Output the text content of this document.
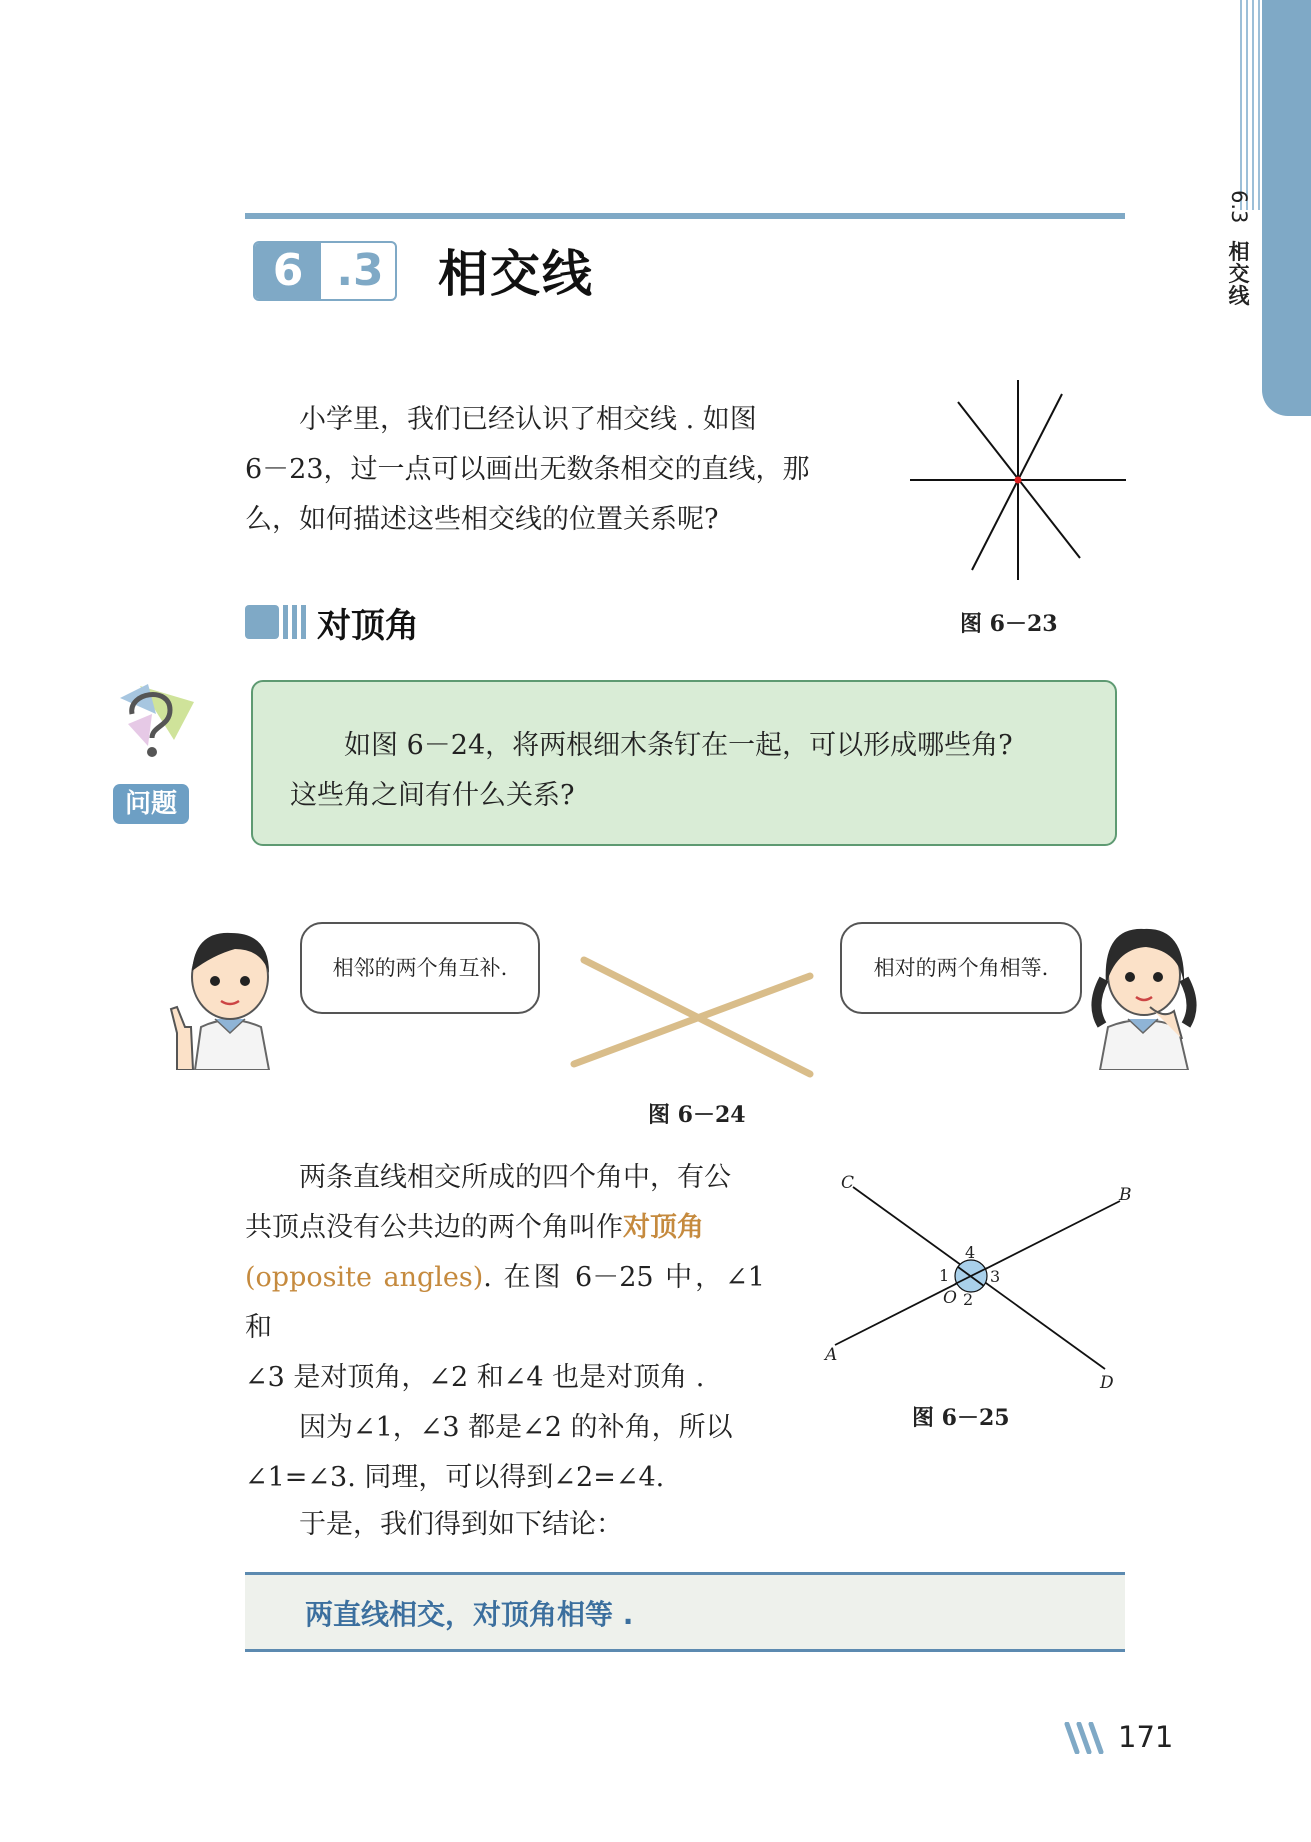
6.3
相
交
线
6 .3 相交线
小学里，我们已经认识了相交线 . 如图
6－23，过一点可以画出无数条相交的直线，那
么，如何描述这些相交线的位置关系呢?
图 6－23
对顶角
问题
如图 6－24，将两根细木条钉在一起，可以形成哪些角?
这些角之间有什么关系?
相邻的两个角互补.	相对的两个角相等.
图 6－24
两条直线相交所成的四个角中，有公
共顶点没有公共边的两个角叫作对顶角
(opposite angles). 在图 6－25 中，∠1 和
∠3 是对顶角，∠2 和∠4 也是对顶角 .
因为∠1，∠3 都是∠2 的补角，所以
∠1=∠3. 同理，可以得到∠2=∠4.
A
B
C
D
O
1
2
3
4
图 6－25
于是，我们得到如下结论：
两直线相交，对顶角相等 .
171
